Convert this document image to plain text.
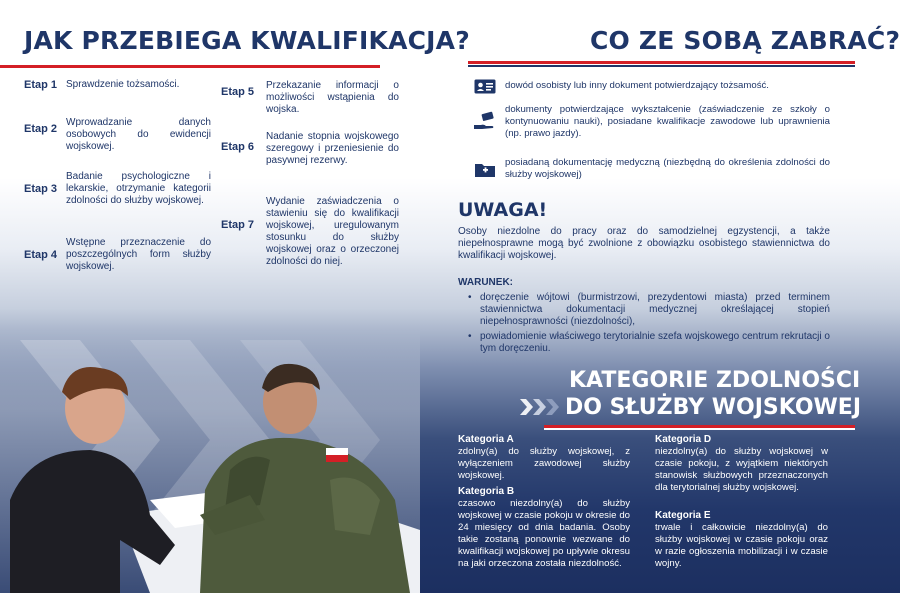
JAK PRZEBIEGA KWALIFIKACJA?	CO ZE SOBĄ ZABRAĆ?
Etap 1 Sprawdzenie tożsamości.
Etap 2
Wprowadzanie danych osobowych do ewidencji wojskowej.
Etap 3
Badanie psychologiczne i lekarskie, otrzymanie kategorii zdolności do służby wojskowej.
Etap 4
Wstępne przeznaczenie do poszczególnych form służby wojskowej.
Etap 5
Przekazanie informacji o możliwości wstąpienia do wojska.
Etap 6
Nadanie stopnia wojskowego szeregowy i przeniesienie do pasywnej rezerwy.
Etap 7
Wydanie zaświadczenia o stawieniu się do kwalifikacji wojskowej, uregulowanym stosunku do służby wojskowej oraz o orzeczonej zdolności do niej.
dowód osobisty lub inny dokument potwierdzający tożsamość.
dokumenty potwierdzające wykształcenie (zaświadczenie ze szkoły o kontynuowaniu nauki), posiadane kwalifikacje zawodowe lub uprawnienia (np. prawo jazdy).
posiadaną dokumentację medyczną (niezbędną do określenia zdolności do służby wojskowej)
UWAGA!
Osoby niezdolne do pracy oraz do samodzielnej egzystencji, a także niepełnosprawne mogą być zwolnione z obowiązku osobistego stawiennictwa do kwalifikacji wojskowej.
WARUNEK:
• doręczenie wójtowi (burmistrzowi, prezydentowi miasta) przed terminem stawiennictwa dokumentacji medycznej określającej stopień niepełnosprawności (niezdolności),
• powiadomienie właściwego terytorialnie szefa wojskowego centrum rekrutacji o tym doręczeniu.
KATEGORIE ZDOLNOŚCI
DO SŁUŻBY WOJSKOWEJ
Kategoria A
zdolny(a) do służby wojskowej, z wyłączeniem zawodowej służby wojskowej.
Kategoria B
czasowo niezdolny(a) do służby wojskowej w czasie pokoju w okresie do 24 miesięcy od dnia badania. Osoby takie zostaną ponownie wezwane do kwalifikacji wojskowej po upływie okresu na jaki orzeczona została niezdolność.
Kategoria D
niezdolny(a) do służby wojskowej w czasie pokoju, z wyjątkiem niektórych stanowisk służbowych przeznaczonych dla terytorialnej służby wojskowej.
Kategoria E
trwale i całkowicie niezdolny(a) do służby wojskowej w czasie pokoju oraz w razie ogłoszenia mobilizacji i w czasie wojny.
